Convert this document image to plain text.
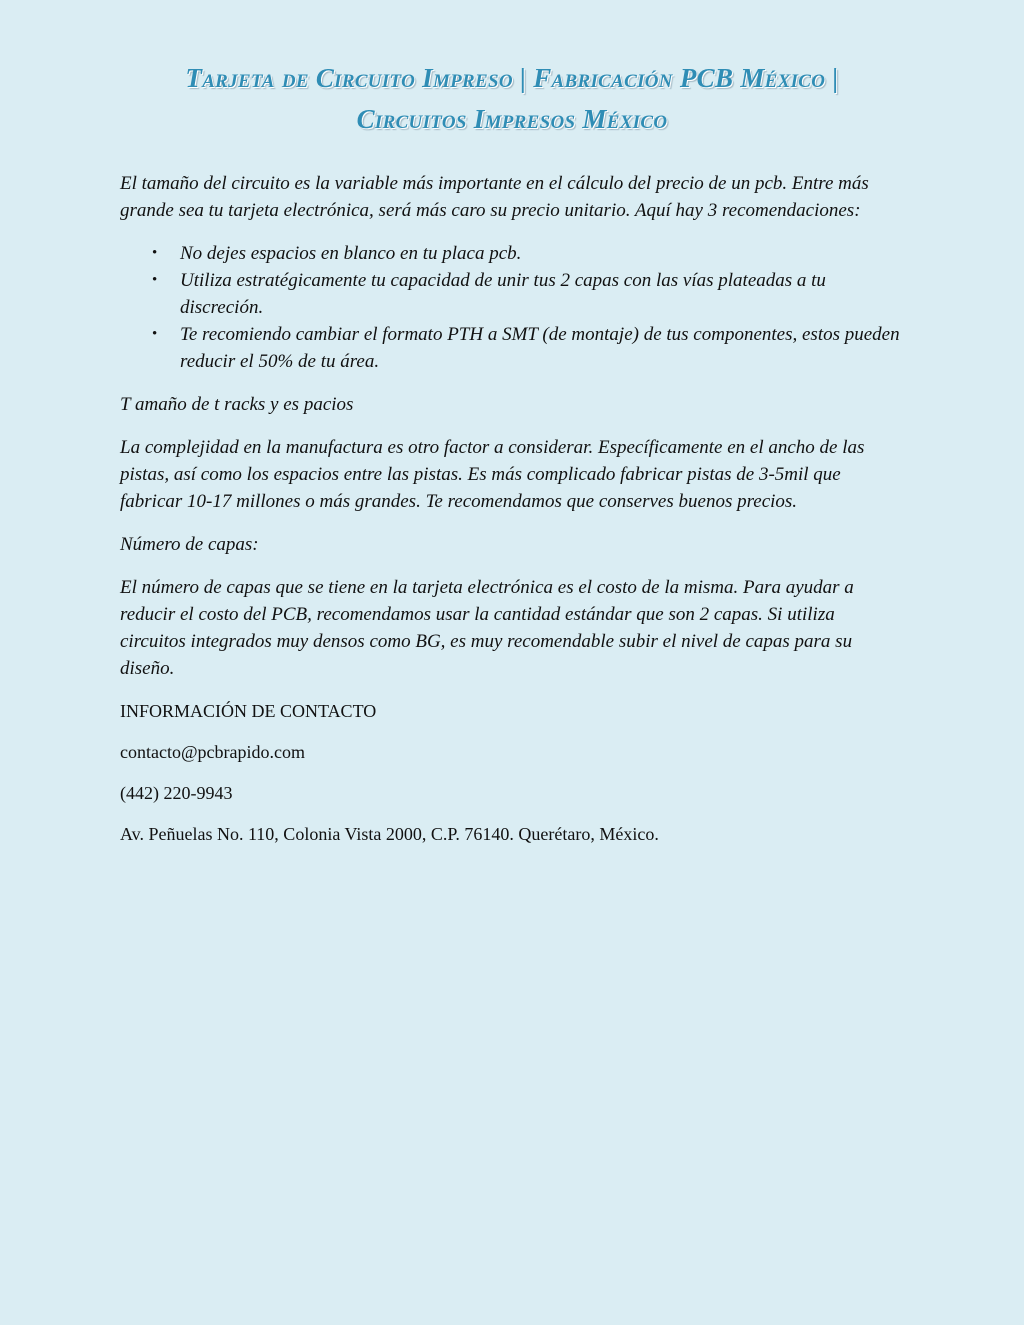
Tarjeta de Circuito Impreso | Fabricación PCB México |
Circuitos Impresos México

El tamaño del circuito es la variable más importante en el cálculo del precio de un pcb. Entre más grande sea tu tarjeta electrónica, será más caro su precio unitario. Aquí hay 3 recomendaciones:

• No dejes espacios en blanco en tu placa pcb.
• Utiliza estratégicamente tu capacidad de unir tus 2 capas con las vías plateadas a tu discreción.
• Te recomiendo cambiar el formato PTH a SMT (de montaje) de tus componentes, estos pueden reducir el 50% de tu área.

T amaño de t racks y es pacios

La complejidad en la manufactura es otro factor a considerar. Específicamente en el ancho de las pistas, así como los espacios entre las pistas. Es más complicado fabricar pistas de 3-5mil que fabricar 10-17 millones o más grandes. Te recomendamos que conserves buenos precios.

Número de capas:

El número de capas que se tiene en la tarjeta electrónica es el costo de la misma. Para ayudar a reducir el costo del PCB, recomendamos usar la cantidad estándar que son 2 capas. Si utiliza circuitos integrados muy densos como BG, es muy recomendable subir el nivel de capas para su diseño.

INFORMACIÓN DE CONTACTO

contacto@pcbrapido.com

(442) 220-9943

Av. Peñuelas No. 110, Colonia Vista 2000, C.P. 76140. Querétaro, México.
